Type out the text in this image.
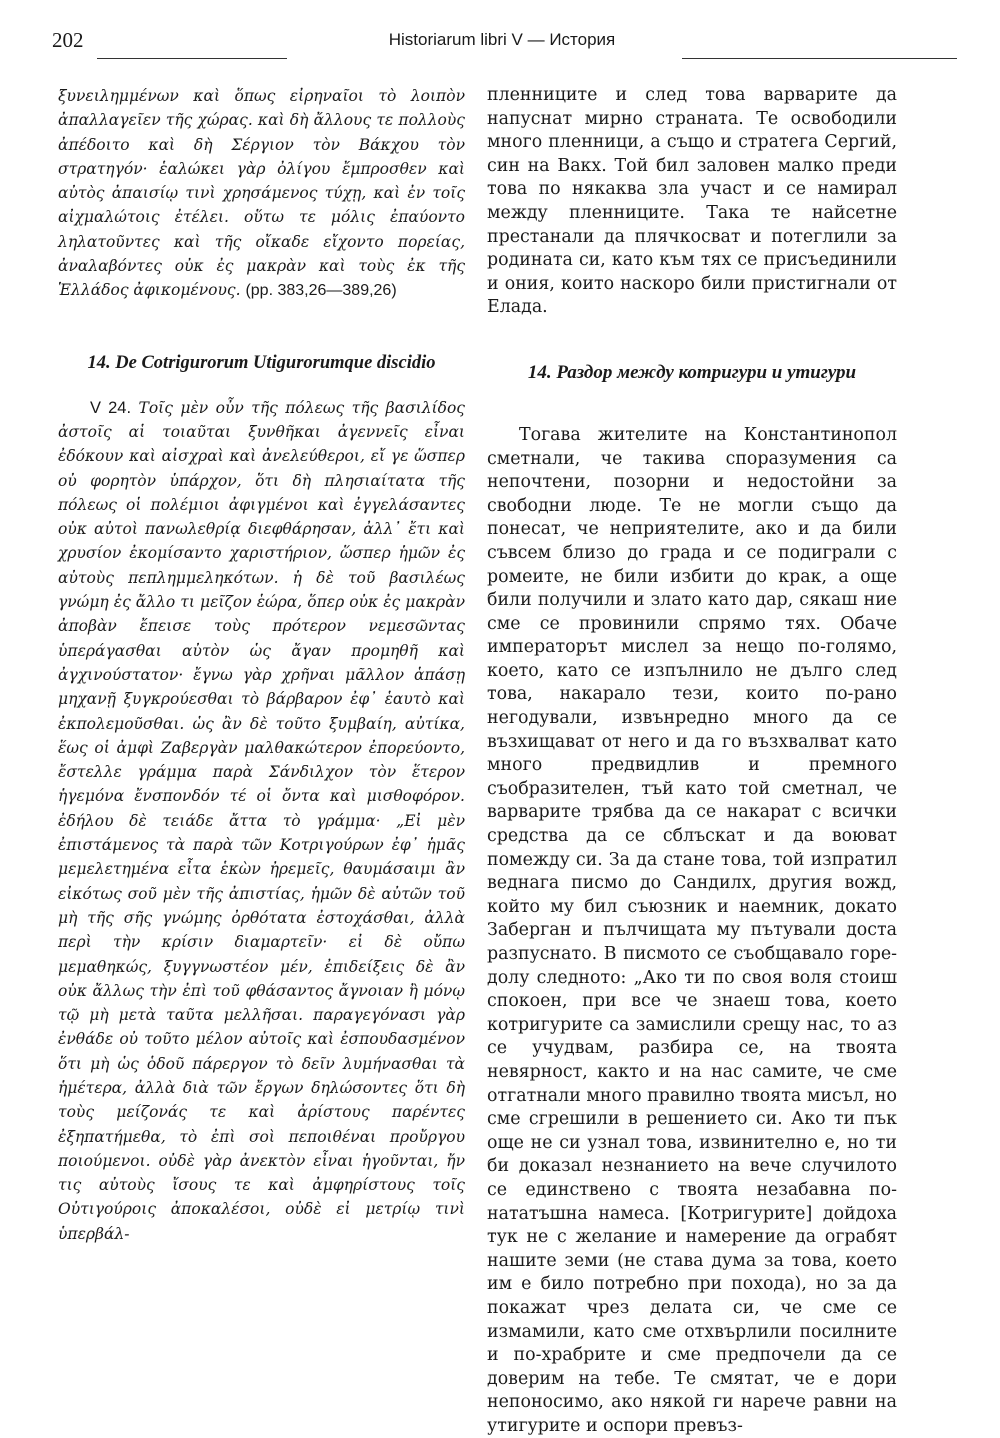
202	Historiarum libri V — История

ξυνειλημμένων καὶ ὅπως εἰρηναῖοι τὸ λοιπὸν ἀπαλλαγεῖεν τῆς χώρας. καὶ δὴ ἄλλους τε πολλοὺς ἀπέδοιτο καὶ δὴ Σέργιον τὸν Βάκχου τὸν στρατηγόν· ἑαλώκει γὰρ ὀλίγου ἔμπροσθεν καὶ αὐτὸς ἀπαισίῳ τινὶ χρησάμενος τύχῃ, καὶ ἐν τοῖς αἰχμαλώτοις ἐτέλει. οὕτω τε μόλις ἐπαύοντο ληλατοῦντες καὶ τῆς οἴκαδε εἴχοντο πορείας, ἀναλαβόντες οὐκ ἐς μακρὰν καὶ τοὺς ἐκ τῆς Ἑλλάδος ἀφικομένους. (pp. 383,26—389,26)

14. De Cotrigurorum Utigurorumque discidio

V 24. Τοῖς μὲν οὖν τῆς πόλεως τῆς βασιλίδος ἀστοῖς αἱ τοιαῦται ξυνθῆκαι ἀγεννεῖς εἶναι ἐδόκουν καὶ αἰσχραὶ καὶ ἀνελεύθεροι, εἴ γε ὥσπερ οὐ φορητὸν ὑπάρχον, ὅτι δὴ πλησιαίτατα τῆς πόλεως οἱ πολέμιοι ἀφιγμένοι καὶ ἐγγελάσαντες οὐκ αὐτοὶ πανωλεθρίᾳ διεφθάρησαν, ἀλλ᾽ ἔτι καὶ χρυσίον ἐκομίσαντο χαριστήριον, ὥσπερ ἡμῶν ἐς αὐτοὺς πεπλημμεληκότων. ἡ δὲ τοῦ βασιλέως γνώμη ἐς ἄλλο τι μεῖζον ἑώρα, ὅπερ οὐκ ἐς μακρὰν ἀποβὰν ἔπεισε τοὺς πρότερον νεμεσῶντας ὑπεράγασθαι αὐτὸν ὡς ἄγαν προμηθῆ καὶ ἀγχινούστατον· ἔγνω γὰρ χρῆναι μᾶλλον ἁπάσῃ μηχανῇ ξυγκρούεσθαι τὸ βάρβαρον ἐφ᾽ ἑαυτὸ καὶ ἐκπολεμοῦσθαι. ὡς ἂν δὲ τοῦτο ξυμβαίη, αὐτίκα, ἕως οἱ ἀμφὶ Ζαβεργὰν μαλθακώτερον ἐπορεύοντο, ἔστελλε γράμμα παρὰ Σάνδιλχον τὸν ἕτερον ἡγεμόνα ἔνσπονδόν τέ οἱ ὄντα καὶ μισθοφόρον. ἐδήλου δὲ τειάδε ἄττα τὸ γράμμα· „Εἰ μὲν ἐπιστάμενος τὰ παρὰ τῶν Κοτριγούρων ἐφ᾽ ἡμᾶς μεμελετημένα εἶτα ἑκὼν ἠρεμεῖς, θαυμάσαιμι ἂν εἰκότως σοῦ μὲν τῆς ἀπιστίας, ἡμῶν δὲ αὐτῶν τοῦ μὴ τῆς σῆς γνώμης ὀρθότατα ἐστοχάσθαι, ἀλλὰ περὶ τὴν κρίσιν διαμαρτεῖν· εἰ δὲ οὔπω μεμαθηκώς, ξυγγνωστέον μέν, ἐπιδείξεις δὲ ἂν οὐκ ἄλλως τὴν ἐπὶ τοῦ φθάσαντος ἄγνοιαν ἢ μόνῳ τῷ μὴ μετὰ ταῦτα μελλῆσαι. παραγεγόνασι γὰρ ἐνθάδε οὐ τοῦτο μέλον αὐτοῖς καὶ ἐσπουδασμένον ὅτι μὴ ὡς ὁδοῦ πάρεργον τὸ δεῖν λυμήνασθαι τὰ ἡμέτερα, ἀλλὰ διὰ τῶν ἔργων δηλώσοντες ὅτι δὴ τοὺς μείζονάς τε καὶ ἀρίστους παρέντες ἐξηπατήμεθα, τὸ ἐπὶ σοὶ πεποιθέναι προὔργου ποιούμενοι. οὐδὲ γὰρ ἀνεκτὸν εἶναι ἡγοῦνται, ἤν τις αὐτοὺς ἴσους τε καὶ ἀμφηρίστους τοῖς Οὐτιγούροις ἀποκαλέσοι, οὐδὲ εἰ μετρίῳ τινὶ ὑπερβάλ-

пленниците и след това варварите да напуснат мирно страната. Те освободили много пленници, а също и стратега Сергий, син на Вакх. Той бил заловен малко преди това по някаква зла участ и се намирал между пленниците. Така те найсетне престанали да плячкосват и потеглили за родината си, като към тях се присъединили и ония, които наскоро били пристигнали от Елада.

14. Раздор между котригури и утигури

Тогава жителите на Константинопол сметнали, че такива споразумения са непочтени, позорни и недостойни за свободни люде. Те не могли също да понесат, че неприятелите, ако и да били съвсем близо до града и се подиграли с ромеите, не били избити до крак, а още били получили и злато като дар, сякаш ние сме се провинили спрямо тях. Обаче императорът мислел за нещо по-голямо, което, като се изпълнило не дълго след това, накарало тези, които по-рано негодували, извънредно много да се възхищават от него и да го възхвалват като много предвидлив и премного съобразителен, тъй като той сметнал, че варварите трябва да се накарат с всички средства да се сблъскат и да воюват помежду си. За да стане това, той изпратил веднага писмо до Сандилх, другия вожд, който му бил съюзник и наемник, докато Заберган и пълчищата му пътували доста разпуснато. В писмото се съобщавало горе-долу следното: „Ако ти по своя воля стоиш спокоен, при все че знаеш това, което котригурите са замислили срещу нас, то аз се учудвам, разбира се, на твоята невярност, както и на нас самите, че сме отгатнали много правилно твоята мисъл, но сме сгрешили в решението си. Ако ти пък още не си узнал това, извинително е, но ти би доказал незнанието на вече случилото се единствено с твоята незабавна по-нататъшна намеса. [Котригурите] дойдоха тук не с желание и намерение да ограбят нашите земи (не става дума за това, което им е било потребно при похода), но за да покажат чрез делата си, че сме се измамили, като сме отхвърлили посилните и по-храбрите и сме предпочели да се доверим на тебе. Те смятат, че е дори непоносимо, ако някой ги нарече равни на утигурите и оспори превъз-
